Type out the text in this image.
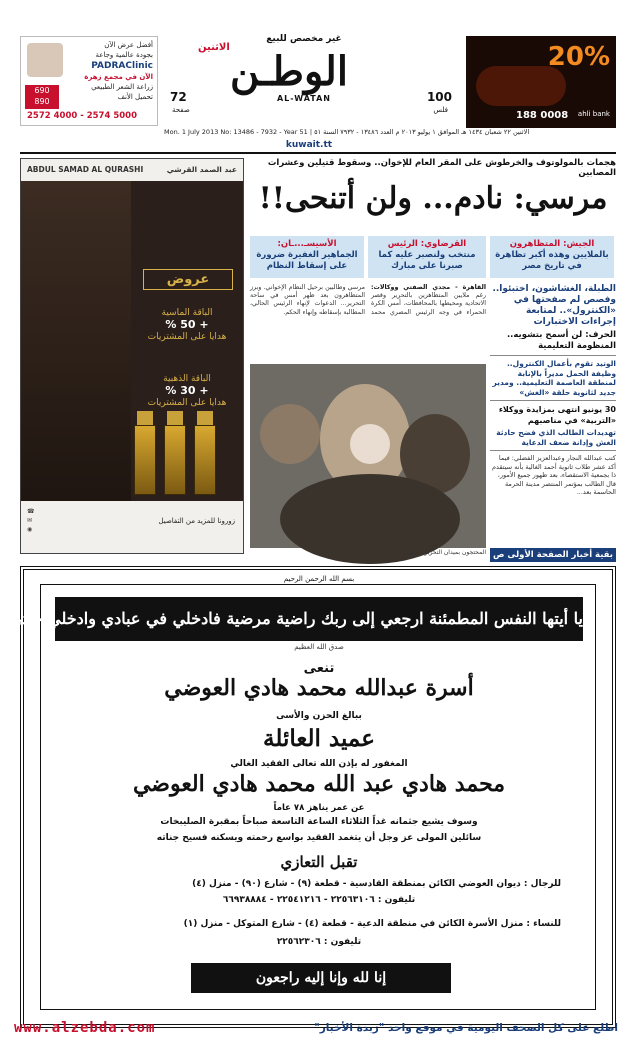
أفضل عرض الآن
بجودة عالمية وجاعة
PADRAClinic
الآن في مجمع زهرة
زراعة الشعر الطبيعي
تحميل الأنف
690
890
2572 4000 - 2574 5000
غير مخصص للبيع
الاثنين
الوطـن
AL-WATAN
72
صفحة
100
فلس
Mon. 1 July 2013 No: 13486 - 7932 - Year 51 | الاثنين ٢٢ شعبان ١٤٣٤ هـ الموافق ١ يوليو ٢٠١٣ م العدد ١٣٤٨٦ - ٧٩٣٢ السنة ٥١
kuwait.tt
20%
188 0008 ahli bank
هجمات بالمولوتوف والخرطوش على المقر العام للإخوان.. وسقوط قتيلين وعشرات المصابين
مرسي: نادم... ولن أتنحى!!
الجيش: المتظاهرون
بالملايين وهذه أكبر تظاهرة في تاريخ مصر
القرضاوي: الرئيس
منتخب ولنصبر عليه كما صبرنا على مبارك
الأسيسـ...ـان:
الجماهير الغفيرة ضرورة على إسقاط النظام
الطبلة، الغشاشون، اختبئوا.. وفصص لم صفحتها في «الكنترول».. لمتابعة إجراءات الاختبارات
الحرف: لن أسمح بتشويه.. المنظومة التعليمية
الوتيد تقوم بأعمال الكنترول.. وظيفة الحمل مديراً بالإنابة لمنطقة العاصمة التعليمية.. ومدير جديد لثانوية حلقة «الغش»
30 يونيو انتهى بمزايدة ووكلاء «التربية» في مناصبهم
تهديدات الطالب الذي فضح حادثة الغش وإدانة ضعف الدعاية

كتب عبدالله النجار وعبدالعزيز الفضلي: فيما أكد عشر طلاب ثانوية أحمد الغالية بأنه سيتقدم ذا بجمعية الاستقصاء، بعد ظهور جميع الأمور، قال الطالب بمؤتمر المنتصر مدينة الحرمة الحاسمة بعد...

القاهرة - مجدي الصفتي ووكالات: رغم ملايين المتظاهرين بالتحرير وقصر الاتحادية ومحيطها بالمحافظات، أمس الكرة الحمراء في وجه الرئيس المصري محمد مرسي وطالبين برحيل النظام الإخواني. وبرز المتظاهرون بعد ظهر أمس في ساحة التحرير... الدعوات لإنهاء الرئيس الحالي، المطالبة بإسقاطه وإنهاء الحكم.
المحتجون بميدان التحرير (أ.ب)	بقية أخبار الصفحة الأولى ص
ABDUL SAMAD AL QURASHI	عبد الصمد القرشي
عروض
الباقة الماسية
+ 50 %
هدايا على المشتريات
الباقة الذهبية
+ 30 %
هدايا على المشتريات
☎
✉
◉
زورونا للمزيد من التفاصيل
بسم الله الرحمن الرحيم
يا أيتها النفس المطمئنة ارجعي إلى ربك راضية مرضية فادخلي في عبادي وادخلي جنتي
صدق الله العظيم
تنعى
أسرة عبدالله محمد هادي العوضي
ببالغ الحزن والأسى
عميد العائلة
المغفور له بإذن الله تعالى الفقيد الغالي
محمد هادي عبد الله محمد هادي العوضي
عن عمر يناهز ٧٨ عاماً
وسوف يشيع جثمانه غداً الثلاثاء الساعة التاسعة صباحاً بمقبرة الصليبخات
سائلين المولى عز وجل أن يتغمد الفقيد بواسع رحمته ويسكنه فسيح جناته
تقبل التعازي
للرجال : ديوان العوضي الكائن بمنطقة القادسية - قطعة (٩) - شارع (٩٠) - منزل (٤)
تليفون : ٢٢٥٦٣١٠٦ - ٢٢٥٤١٢١٦ - ٦٦٩٣٨٨٨٤
للنساء : منزل الأسرة الكائن في منطقة الدعية - قطعة (٤) - شارع المتوكل - منزل (١)
تليفون : ٢٢٥٦٢٣٠٦
إنا لله وإنا إليه راجعون
www.alzebda.com	اطلع على كل الصحف اليومية في موقع واحد "زبدة الأخبار"
